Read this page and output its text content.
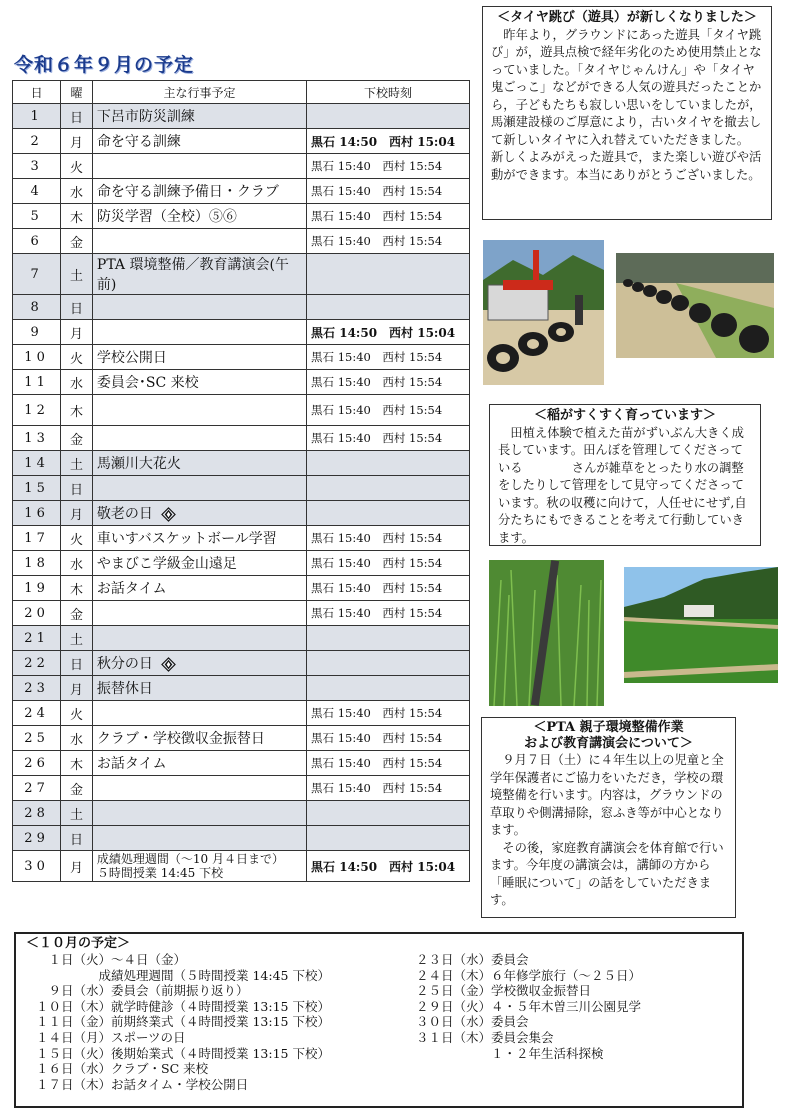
令和６年９月の予定
日	曜	主な行事予定	下校時刻
1	日	下呂市防災訓練	
2	月	命を守る訓練	黒石 14:50　西村 15:04
3	火		黒石 15:40　西村 15:54
4	水	命を守る訓練予備日・クラブ	黒石 15:40　西村 15:54
5	木	防災学習（全校）⑤⑥	黒石 15:40　西村 15:54
6	金		黒石 15:40　西村 15:54
7	土	PTA 環境整備／教育講演会(午前)	
8	日		
9	月		黒石 14:50　西村 15:04
10	火	学校公開日	黒石 15:40　西村 15:54
11	水	委員会･SC 来校	黒石 15:40　西村 15:54
12	木		黒石 15:40　西村 15:54
13	金		黒石 15:40　西村 15:54
14	土	馬瀬川大花火	
15	日		
16	月	敬老の日	
17	火	車いすバスケットボール学習	黒石 15:40　西村 15:54
18	水	やまびこ学級金山遠足	黒石 15:40　西村 15:54
19	木	お話タイム	黒石 15:40　西村 15:54
20	金		黒石 15:40　西村 15:54
21	土		
22	日	秋分の日	
23	月	振替休日	
24	火		黒石 15:40　西村 15:54
25	水	クラブ・学校徴収金振替日	黒石 15:40　西村 15:54
26	木	お話タイム	黒石 15:40　西村 15:54
27	金		黒石 15:40　西村 15:54
28	土		
29	日		
30	月	成績処理週間（～10 月４日まで）
５時間授業 14:45 下校	黒石 14:50　西村 15:04
＜タイヤ跳び（遊具）が新しくなりました＞

　昨年より，グラウンドにあった遊具「タイヤ跳び」が，遊具点検で経年劣化のため使用禁止となっていました。「タイヤじゃんけん」や「タイヤ鬼ごっこ」などができる人気の遊具だったことから，子どもたちも寂しい思いをしていましたが，馬瀬建設様のご厚意により，古いタイヤを撤去して新しいタイヤに入れ替えていただきました。
新しくよみがえった遊具で，また楽しい遊びや活動ができます。本当にありがとうございました。

＜稲がすくすく育っています＞

　田植え体験で植えた苗がずいぶん大きく成長しています。田んぼを管理してくださっている　　　　さんが雑草をとったり水の調整をしたりして管理をして見守ってくださっています。秋の収穫に向けて，人任せにせず,自分たちにもできることを考えて行動していきます。

＜PTA 親子環境整備作業
および教育講演会について＞

　９月７日（土）に４年生以上の児童と全学年保護者にご協力をいただき，学校の環境整備を行います。内容は，グラウンドの草取りや側溝掃除，窓ふき等が中心となります。
　その後，家庭教育講演会を体育館で行います。今年度の講演会は，講師の方から「睡眠について」の話をしていただきます。

＜１０月の予定＞
　１日（火）～４日（金）
　　　　　成績処理週間（５時間授業 14:45 下校）
　９日（水）委員会（前期振り返り）
１０日（木）就学時健診（４時間授業 13:15 下校）
１１日（金）前期終業式（４時間授業 13:15 下校）
１４日（月）スポーツの日
１５日（火）後期始業式（４時間授業 13:15 下校）
１６日（水）クラブ・SC 来校
１７日（木）お話タイム・学校公開日
２３日（水）委員会
２４日（木）６年修学旅行（～２５日）
２５日（金）学校徴収金振替日
２９日（火）４・５年木曽三川公園見学
３０日（水）委員会
３１日（木）委員会集会
　　　　　　１・２年生活科探検
